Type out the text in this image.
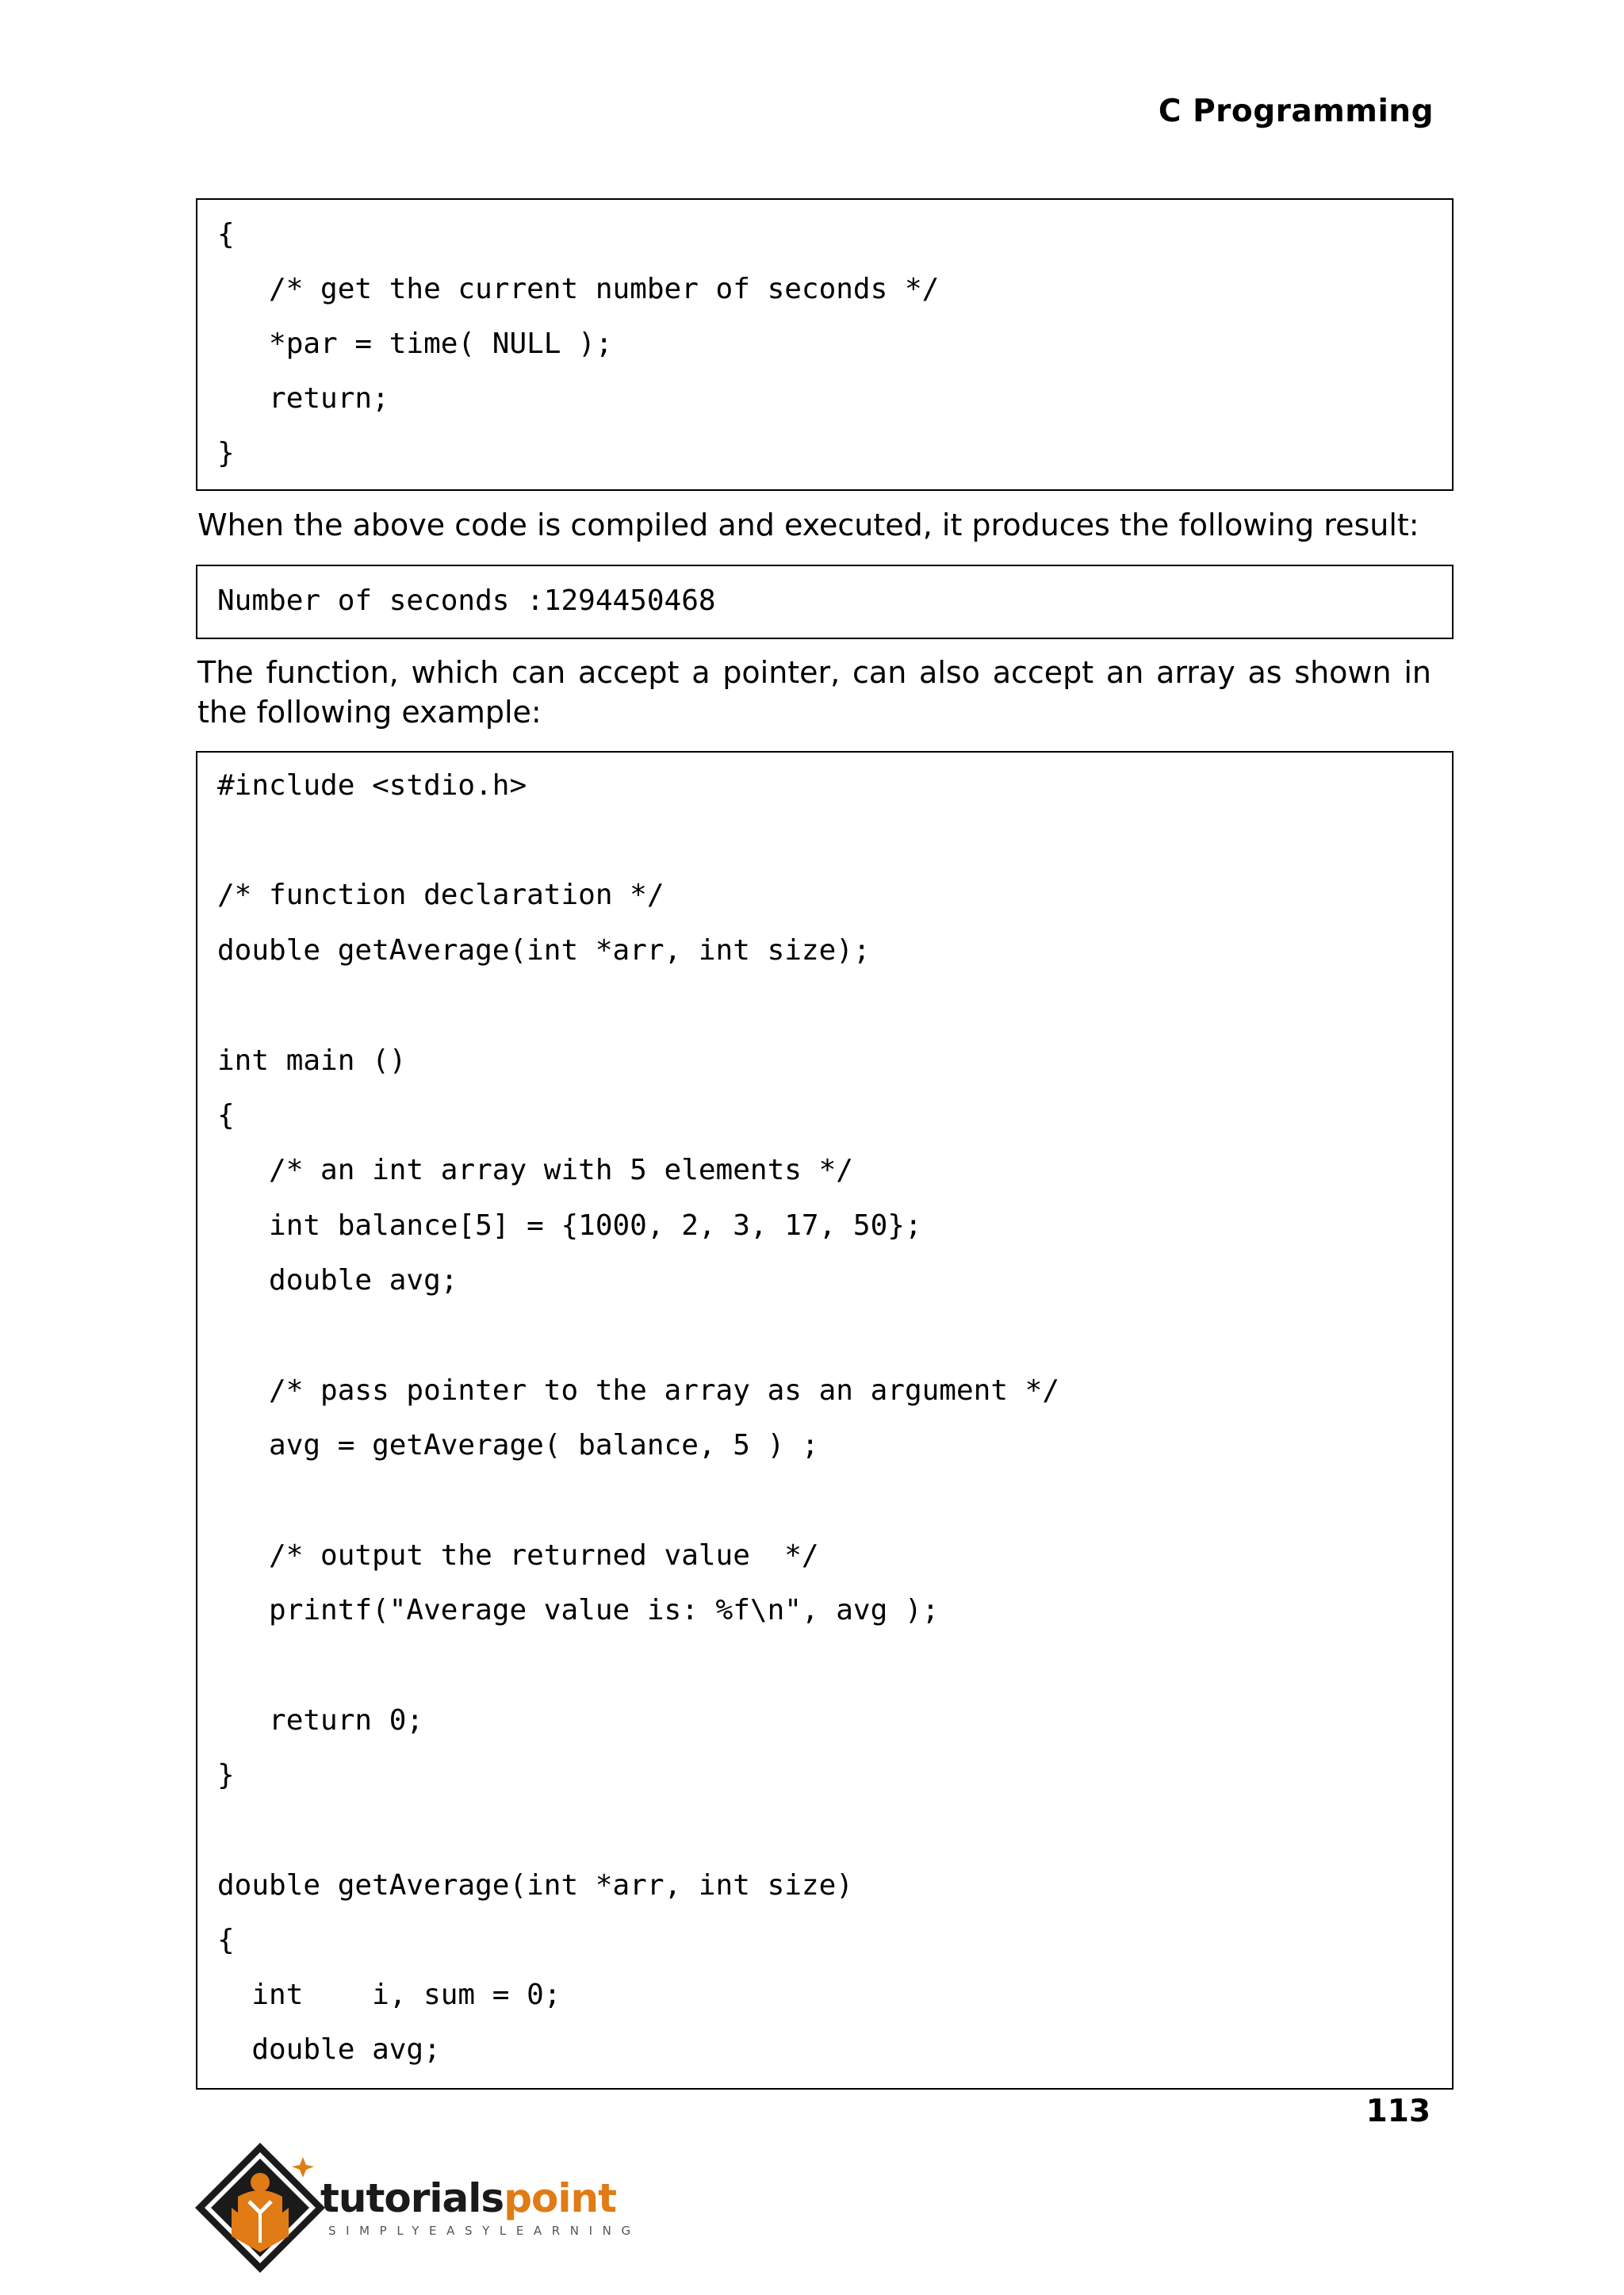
C Programming
{
/* get the current number of seconds */
*par = time( NULL );
return;
}
When the above code is compiled and executed, it produces the following result:
Number of seconds :1294450468
The function, which can accept a pointer, can also accept an array as shown in the following example:
#include <stdio.h>
/* function declaration */
double getAverage(int *arr, int size);
int main ()
{
/* an int array with 5 elements */
int balance[5] = {1000, 2, 3, 17, 50};
double avg;
/* pass pointer to the array as an argument */
avg = getAverage( balance, 5 ) ;
/* output the returned value  */
printf("Average value is: %f\n", avg );
return 0;
}
double getAverage(int *arr, int size)
{
int    i, sum = 0;
double avg;
113
tutorialspoint
SIMPLYEASYLEARNING
